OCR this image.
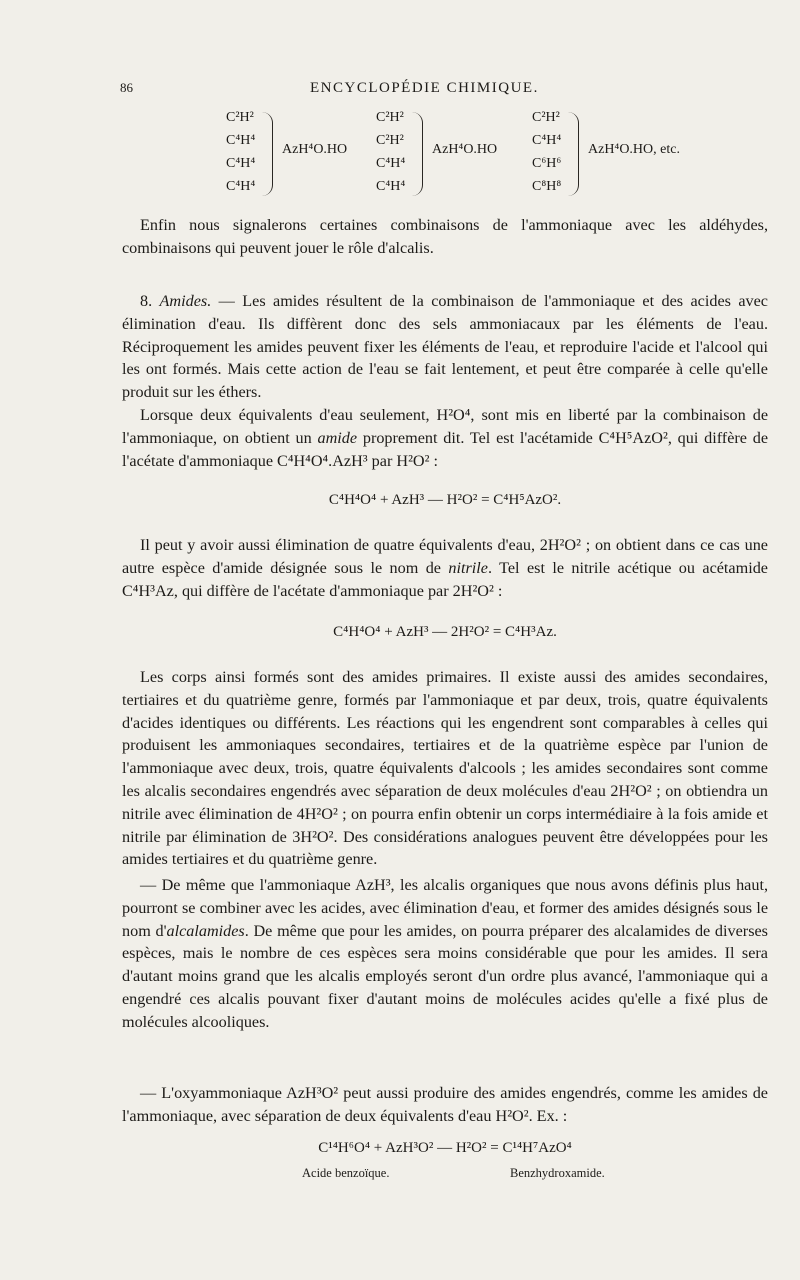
86	ENCYCLOPÉDIE CHIMIQUE.
C²H²
C⁴H⁴
C⁴H⁴
C⁴H⁴
AzH⁴O.HO
C²H²
C²H²
C⁴H⁴
C⁴H⁴
AzH⁴O.HO
C²H²
C⁴H⁴
C⁶H⁶
C⁸H⁸
AzH⁴O.HO, etc.

Enfin nous signalerons certaines combinaisons de l'ammoniaque avec les aldéhydes, combinaisons qui peuvent jouer le rôle d'alcalis.

8. Amides. — Les amides résultent de la combinaison de l'ammoniaque et des acides avec élimination d'eau. Ils diffèrent donc des sels ammoniacaux par les éléments de l'eau. Réciproquement les amides peuvent fixer les éléments de l'eau, et reproduire l'acide et l'alcool qui les ont formés. Mais cette action de l'eau se fait lentement, et peut être comparée à celle qu'elle produit sur les éthers.

Lorsque deux équivalents d'eau seulement, H²O⁴, sont mis en liberté par la combinaison de l'ammoniaque, on obtient un amide proprement dit. Tel est l'acétamide C⁴H⁵AzO², qui diffère de l'acétate d'ammoniaque C⁴H⁴O⁴.AzH³ par H²O² :

C⁴H⁴O⁴ + AzH³ — H²O² = C⁴H⁵AzO².

Il peut y avoir aussi élimination de quatre équivalents d'eau, 2H²O² ; on obtient dans ce cas une autre espèce d'amide désignée sous le nom de nitrile. Tel est le nitrile acétique ou acétamide C⁴H³Az, qui diffère de l'acétate d'ammoniaque par 2H²O² :

C⁴H⁴O⁴ + AzH³ — 2H²O² = C⁴H³Az.

Les corps ainsi formés sont des amides primaires. Il existe aussi des amides secondaires, tertiaires et du quatrième genre, formés par l'ammoniaque et par deux, trois, quatre équivalents d'acides identiques ou différents. Les réactions qui les engendrent sont comparables à celles qui produisent les ammoniaques secondaires, tertiaires et de la quatrième espèce par l'union de l'ammoniaque avec deux, trois, quatre équivalents d'alcools ; les amides secondaires sont comme les alcalis secondaires engendrés avec séparation de deux molécules d'eau 2H²O² ; on obtiendra un nitrile avec élimination de 4H²O² ; on pourra enfin obtenir un corps intermédiaire à la fois amide et nitrile par élimination de 3H²O². Des considérations analogues peuvent être développées pour les amides tertiaires et du quatrième genre.

— De même que l'ammoniaque AzH³, les alcalis organiques que nous avons définis plus haut, pourront se combiner avec les acides, avec élimination d'eau, et former des amides désignés sous le nom d'alcalamides. De même que pour les amides, on pourra préparer des alcalamides de diverses espèces, mais le nombre de ces espèces sera moins considérable que pour les amides. Il sera d'autant moins grand que les alcalis employés seront d'un ordre plus avancé, l'ammoniaque qui a engendré ces alcalis pouvant fixer d'autant moins de molécules acides qu'elle a fixé plus de molécules alcooliques.

— L'oxyammoniaque AzH³O² peut aussi produire des amides engendrés, comme les amides de l'ammoniaque, avec séparation de deux équivalents d'eau H²O². Ex. :

C¹⁴H⁶O⁴ + AzH³O² — H²O² = C¹⁴H⁷AzO⁴
Acide benzoïque.	Benzhydroxamide.
